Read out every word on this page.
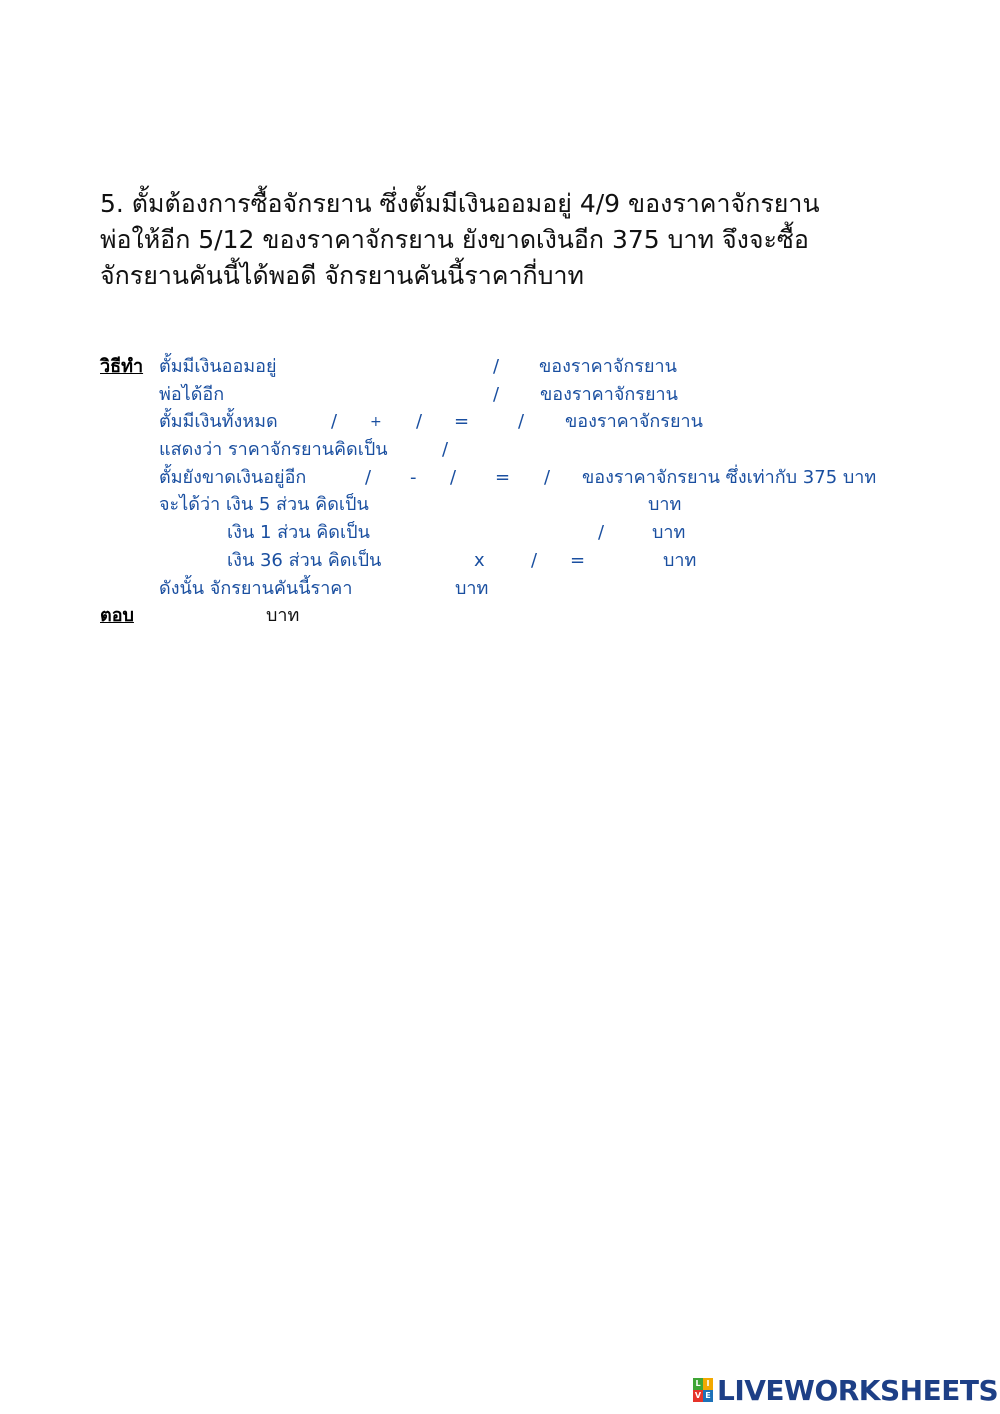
5. ตั้มต้องการซื้อจักรยาน ซึ่งตั้มมีเงินออมอยู่ 4/9 ของราคาจักรยาน
พ่อให้อีก 5/12 ของราคาจักรยาน ยังขาดเงินอีก 375 บาท จึงจะซื้อ
จักรยานคันนี้ได้พอดี จักรยานคันนี้ราคากี่บาท
วิธีทำ ตั้มมีเงินออมอยู่	/ ของราคาจักรยาน
พ่อได้อีก	/ ของราคาจักรยาน
ตั้มมีเงินทั้งหมด	/ + / =	/ ของราคาจักรยาน
แสดงว่า ราคาจักรยานคิดเป็น	/
ตั้มยังขาดเงินอยู่อีก	/ - / = / ของราคาจักรยาน ซึ่งเท่ากับ 375 บาท
จะได้ว่า เงิน 5 ส่วน คิดเป็น	บาท
เงิน 1 ส่วน คิดเป็น	/	บาท
เงิน 36 ส่วน คิดเป็น	x	/ =	บาท
ดังนั้น จักรยานคันนี้ราคา	บาท
ตอบ	บาท
L I
V E LIVEWORKSHEETS
